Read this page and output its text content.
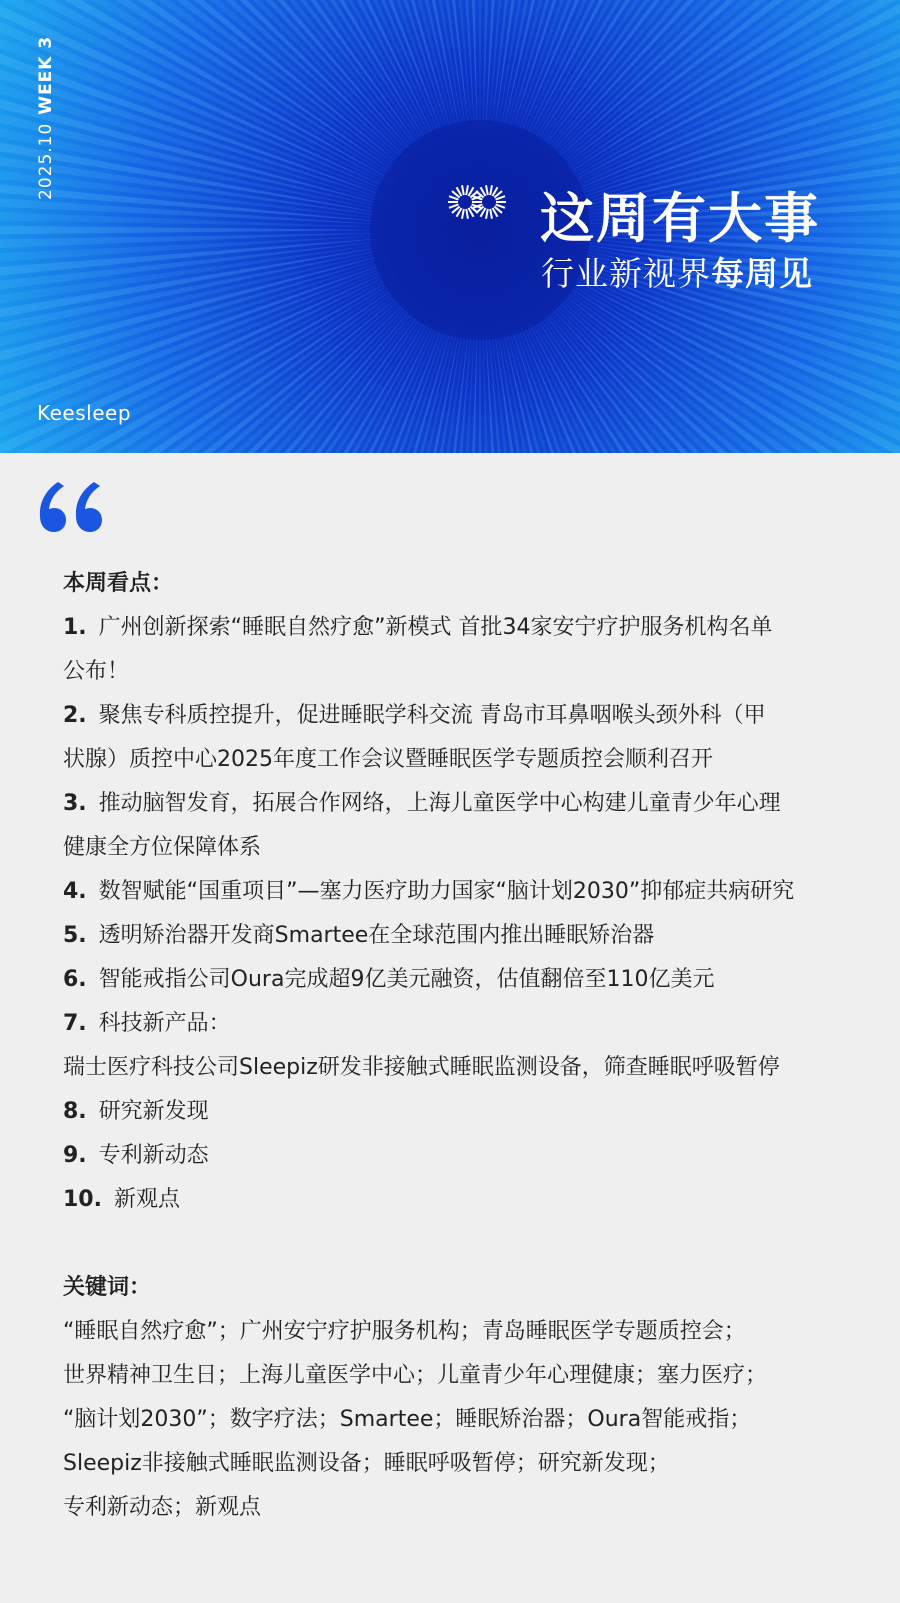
2025.10WEEK 3
这周有大事
行业新视界每周见
Keesleep
本周看点：
1. 广州创新探索“睡眠自然疗愈”新模式 首批34家安宁疗护服务机构名单
公布！
2. 聚焦专科质控提升，促进睡眠学科交流 青岛市耳鼻咽喉头颈外科（甲
状腺）质控中心2025年度工作会议暨睡眠医学专题质控会顺利召开
3. 推动脑智发育，拓展合作网络，上海儿童医学中心构建儿童青少年心理
健康全方位保障体系
4. 数智赋能“国重项目”—塞力医疗助力国家“脑计划2030”抑郁症共病研究
5. 透明矫治器开发商Smartee在全球范围内推出睡眠矫治器
6. 智能戒指公司Oura完成超9亿美元融资，估值翻倍至110亿美元
7. 科技新产品：
瑞士医疗科技公司Sleepiz研发非接触式睡眠监测设备，筛查睡眠呼吸暂停
8. 研究新发现
9. 专利新动态
10. 新观点
关键词：
“睡眠自然疗愈”；广州安宁疗护服务机构；青岛睡眠医学专题质控会；
世界精神卫生日；上海儿童医学中心；儿童青少年心理健康；塞力医疗；
“脑计划2030”；数字疗法；Smartee；睡眠矫治器；Oura智能戒指；
Sleepiz非接触式睡眠监测设备；睡眠呼吸暂停；研究新发现；
专利新动态；新观点
